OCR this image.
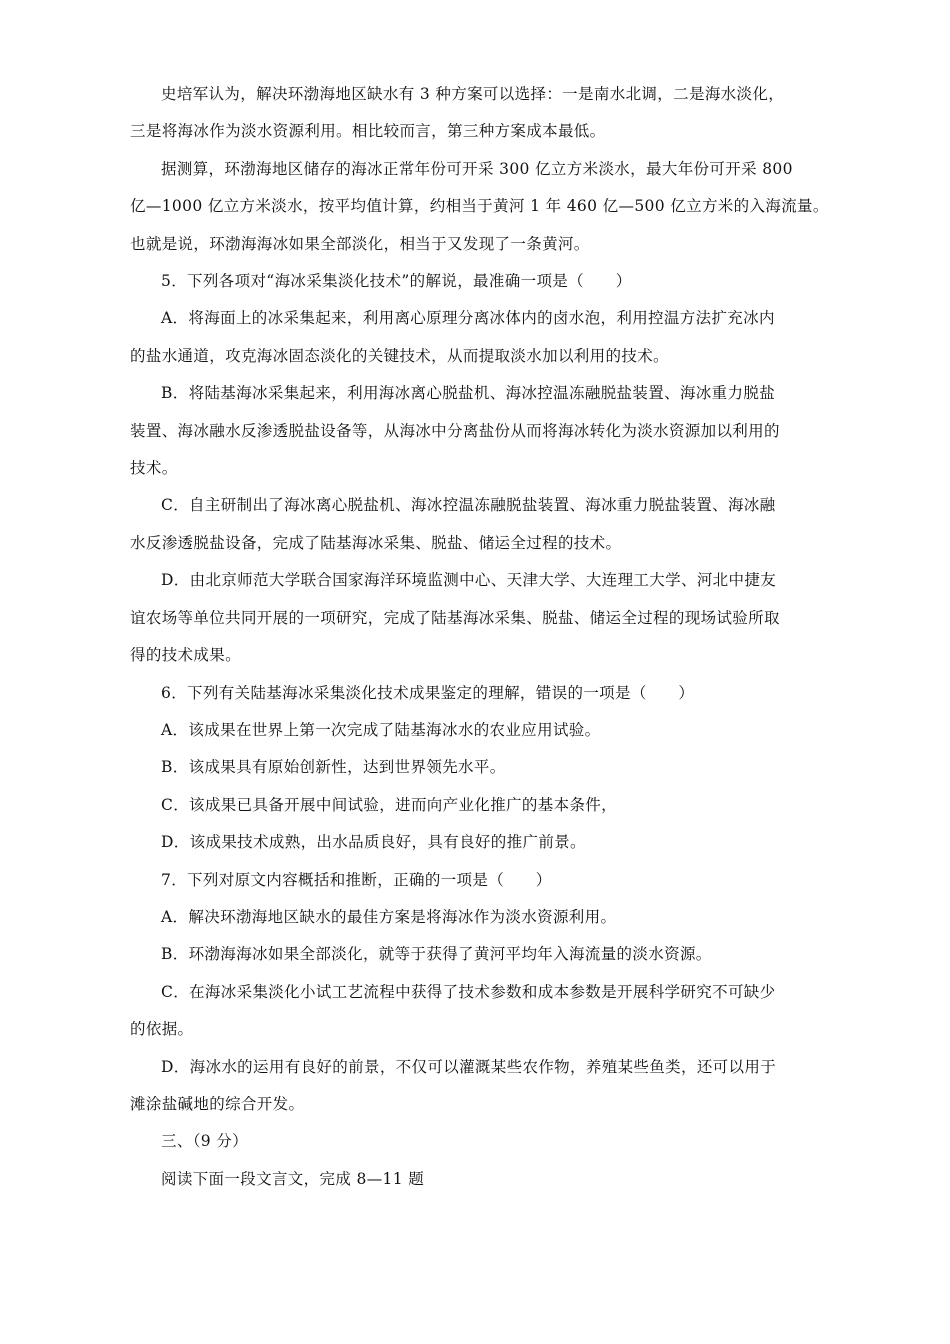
史培军认为，解决环渤海地区缺水有 3 种方案可以选择：一是南水北调，二是海水淡化，
三是将海冰作为淡水资源利用。相比较而言，第三种方案成本最低。
据测算，环渤海地区储存的海冰正常年份可开采 300 亿立方米淡水，最大年份可开采 800
亿—1000 亿立方米淡水，按平均值计算，约相当于黄河 1 年 460 亿—500 亿立方米的入海流量。
也就是说，环渤海海冰如果全部淡化，相当于又发现了一条黄河。
5．下列各项对“海冰采集淡化技术”的解说，最准确一项是（　　）
A．将海面上的冰采集起来，利用离心原理分离冰体内的卤水泡，利用控温方法扩充冰内
的盐水通道，攻克海冰固态淡化的关键技术，从而提取淡水加以利用的技术。
B．将陆基海冰采集起来，利用海冰离心脱盐机、海冰控温冻融脱盐装置、海冰重力脱盐
装置、海冰融水反渗透脱盐设备等，从海冰中分离盐份从而将海冰转化为淡水资源加以利用的
技术。
C．自主研制出了海冰离心脱盐机、海冰控温冻融脱盐装置、海冰重力脱盐装置、海冰融
水反渗透脱盐设备，完成了陆基海冰采集、脱盐、储运全过程的技术。
D．由北京师范大学联合国家海洋环境监测中心、天津大学、大连理工大学、河北中捷友
谊农场等单位共同开展的一项研究，完成了陆基海冰采集、脱盐、储运全过程的现场试验所取
得的技术成果。
6．下列有关陆基海冰采集淡化技术成果鉴定的理解，错误的一项是（　　）
A．该成果在世界上第一次完成了陆基海冰水的农业应用试验。
B．该成果具有原始创新性，达到世界领先水平。
C．该成果已具备开展中间试验，进而向产业化推广的基本条件，
D．该成果技术成熟，出水品质良好，具有良好的推广前景。
7．下列对原文内容概括和推断，正确的一项是（　　）
A．解决环渤海地区缺水的最佳方案是将海冰作为淡水资源利用。
B．环渤海海冰如果全部淡化，就等于获得了黄河平均年入海流量的淡水资源。
C．在海冰采集淡化小试工艺流程中获得了技术参数和成本参数是开展科学研究不可缺少
的依据。
D．海冰水的运用有良好的前景，不仅可以灌溉某些农作物，养殖某些鱼类，还可以用于
滩涂盐碱地的综合开发。
三、（9 分）
阅读下面一段文言文，完成 8—11 题
